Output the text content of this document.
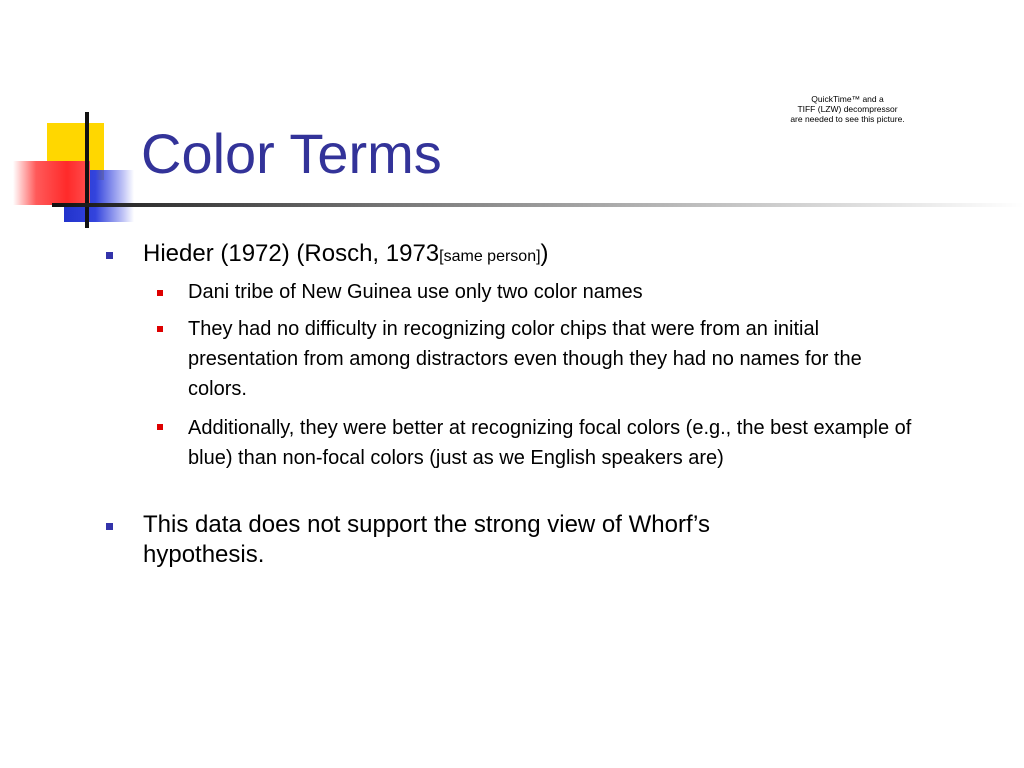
Color Terms
QuickTime™ and a
TIFF (LZW) decompressor
are needed to see this picture.
Hieder (1972) (Rosch, 1973[same person])
Dani tribe of New Guinea use only two color names
They had no difficulty in recognizing color chips that were from an initial presentation from among distractors even though they had no names for the colors.
Additionally, they were better at recognizing focal colors (e.g., the best example of blue) than non-focal colors (just as we English speakers are)
This data does not support the strong view of Whorf’s hypothesis.
